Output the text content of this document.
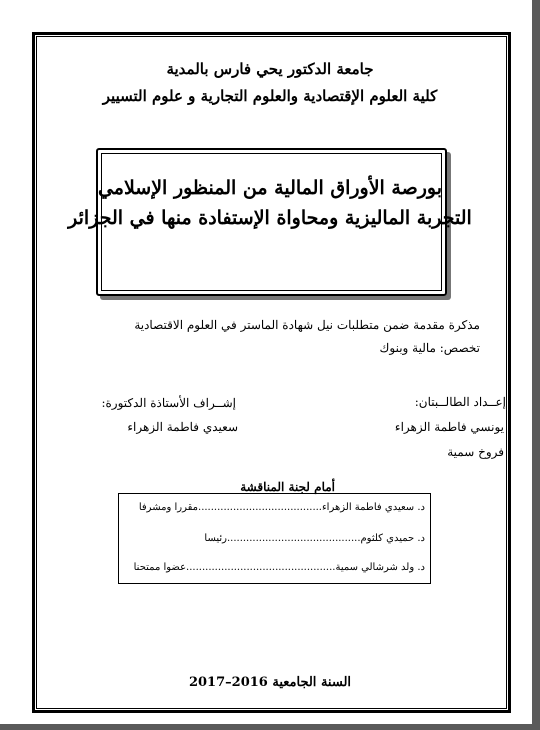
جامعة الدكتور يحي فارس بالمدية
كلية العلوم الإقتصادية والعلوم التجارية و علوم التسيير
بورصة الأوراق المالية من المنظور الإسلامي
التجربة الماليزية ومحاواة الإستفادة منها في الجزائر
مذكرة مقدمة ضمن متطلبات نيل شهادة الماستر في العلوم الاقتصادية
تخصص: مالية وبنوك
إعــداد الطالــبتان:
إشــراف الأستاذة الدكتورة:
يونسي فاطمة الزهراء
سعيدي فاطمة الزهراء
فروخ سمية
أمام لجنة المناقشة
د. سعيدي فاطمة الزهراء.......................................مقررا ومشرفا
د. حميدي كلثوم..........................................رئيسا
د. ولد شرشالي سمية...............................................عضوا ممتحنا
السنة الجامعية 2016–2017
